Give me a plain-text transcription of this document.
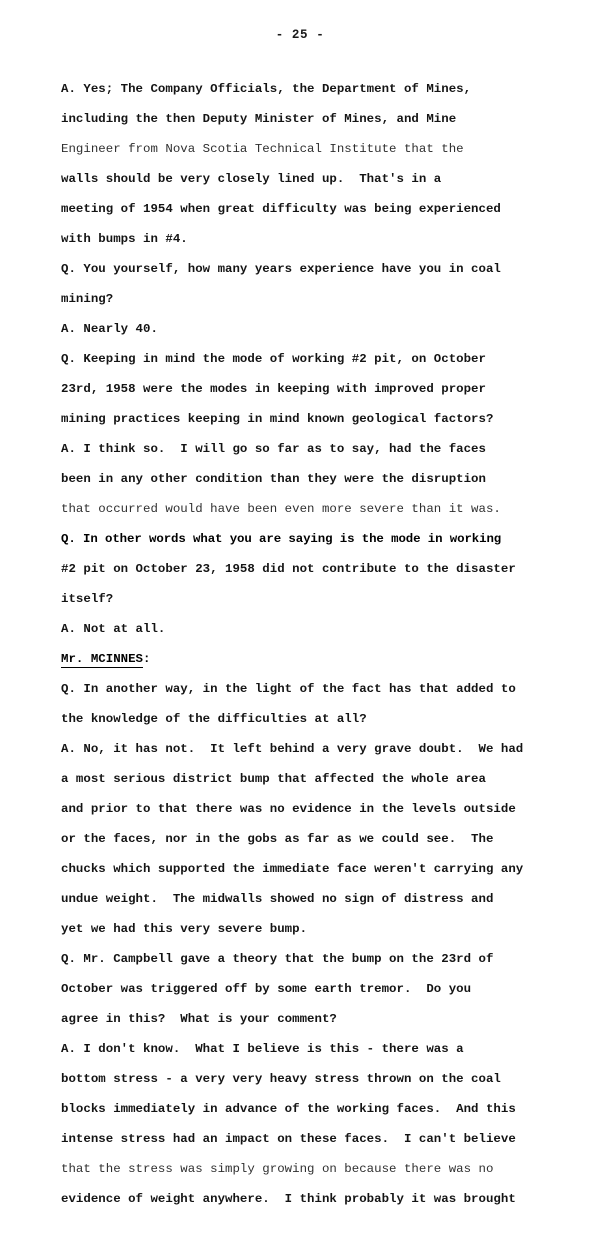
- 25 -
A. Yes; The Company Officials, the Department of Mines,
including the then Deputy Minister of Mines, and Mine
Engineer from Nova Scotia Technical Institute that the
walls should be very closely lined up.  That's in a
meeting of 1954 when great difficulty was being experienced
with bumps in #4.
Q. You yourself, how many years experience have you in coal
mining?
A. Nearly 40.
Q. Keeping in mind the mode of working #2 pit, on October
23rd, 1958 were the modes in keeping with improved proper
mining practices keeping in mind known geological factors?
A. I think so.  I will go so far as to say, had the faces
been in any other condition than they were the disruption
that occurred would have been even more severe than it was.
Q. In other words what you are saying is the mode in working
#2 pit on October 23, 1958 did not contribute to the disaster
itself?
A. Not at all.
Mr. MCINNES:
Q. In another way, in the light of the fact has that added to
the knowledge of the difficulties at all?
A. No, it has not.  It left behind a very grave doubt.  We had
a most serious district bump that affected the whole area
and prior to that there was no evidence in the levels outside
or the faces, nor in the gobs as far as we could see.  The
chucks which supported the immediate face weren't carrying any
undue weight.  The midwalls showed no sign of distress and
yet we had this very severe bump.
Q. Mr. Campbell gave a theory that the bump on the 23rd of
October was triggered off by some earth tremor.  Do you
agree in this?  What is your comment?
A. I don't know.  What I believe is this - there was a
bottom stress - a very very heavy stress thrown on the coal
blocks immediately in advance of the working faces.  And this
intense stress had an impact on these faces.  I can't believe
that the stress was simply growing on because there was no
evidence of weight anywhere.  I think probably it was brought
